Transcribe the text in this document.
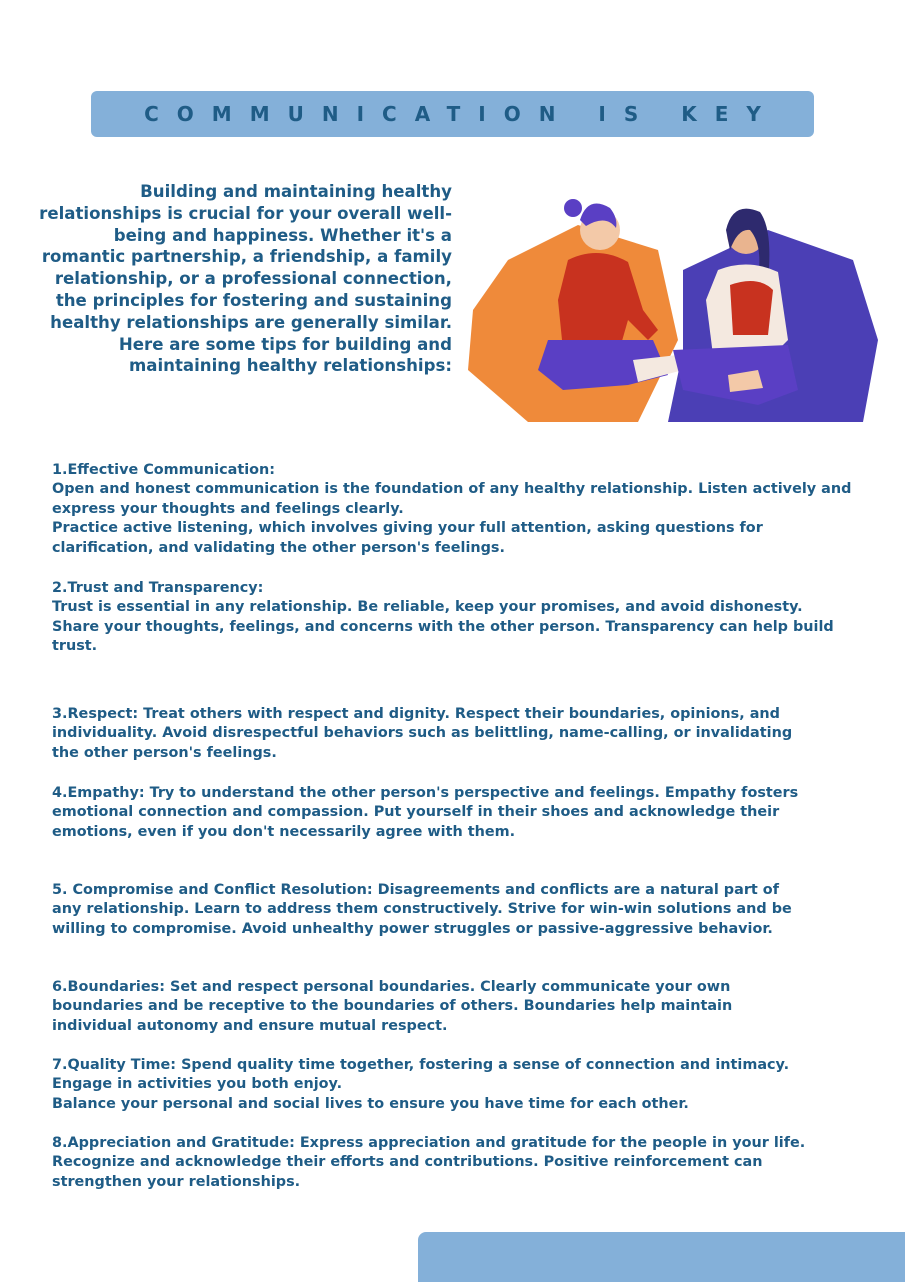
COMMUNICATION IS KEY

Building and maintaining healthy relationships is crucial for your overall well-being and happiness. Whether it's a romantic partnership, a friendship, a family relationship, or a professional connection, the principles for fostering and sustaining healthy relationships are generally similar. Here are some tips for building and maintaining healthy relationships:

1.Effective Communication:

Open and honest communication is the foundation of any healthy relationship. Listen actively and express your thoughts and feelings clearly.

Practice active listening, which involves giving your full attention, asking questions for clarification, and validating the other person's feelings.

2.Trust and Transparency:

Trust is essential in any relationship. Be reliable, keep your promises, and avoid dishonesty.

Share your thoughts, feelings, and concerns with the other person. Transparency can help build trust.

3.Respect: Treat others with respect and dignity. Respect their boundaries, opinions, and individuality. Avoid disrespectful behaviors such as belittling, name-calling, or invalidating the other person's feelings.

4.Empathy: Try to understand the other person's perspective and feelings. Empathy fosters emotional connection and compassion. Put yourself in their shoes and acknowledge their emotions, even if you don't necessarily agree with them.

5. Compromise and Conflict Resolution: Disagreements and conflicts are a natural part of any relationship. Learn to address them constructively. Strive for win-win solutions and be willing to compromise. Avoid unhealthy power struggles or passive-aggressive behavior.

6.Boundaries: Set and respect personal boundaries. Clearly communicate your own boundaries and be receptive to the boundaries of others. Boundaries help maintain individual autonomy and ensure mutual respect.

7.Quality Time: Spend quality time together, fostering a sense of connection and intimacy. Engage in activities you both enjoy.

Balance your personal and social lives to ensure you have time for each other.

8.Appreciation and Gratitude: Express appreciation and gratitude for the people in your life. Recognize and acknowledge their efforts and contributions. Positive reinforcement can strengthen your relationships.
